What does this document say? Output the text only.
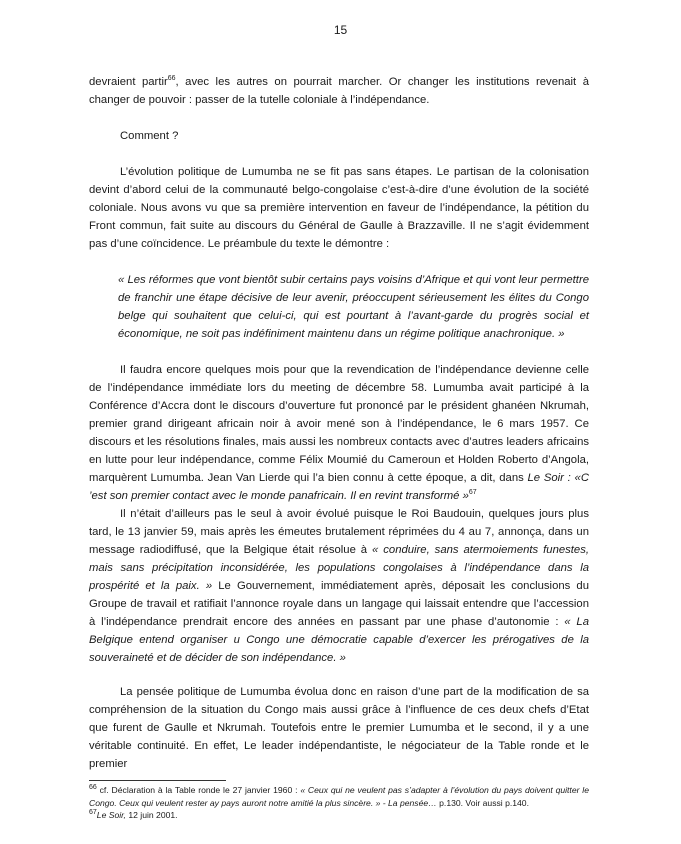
15

devraient partir$^{66}$, avec les autres on pourrait marcher. Or changer les institutions revenait à changer de pouvoir : passer de la tutelle coloniale à l’indépendance.

Comment ?

L’évolution politique de Lumumba ne se fit pas sans étapes. Le partisan de la colonisation devint d’abord celui de la communauté belgo-congolaise c’est-à-dire d’une évolution de la société coloniale. Nous avons vu que sa première intervention en faveur de l’indépendance, la pétition du Front commun, fait suite au discours du Général de Gaulle à Brazzaville. Il ne s’agit évidemment pas d’une coïncidence. Le préambule du texte le démontre :

« Les réformes que vont bientôt subir certains pays voisins d’Afrique et qui vont leur permettre de franchir une étape décisive de leur avenir, préoccupent sérieusement les élites du Congo belge qui souhaitent que celui-ci, qui est pourtant à l’avant-garde du progrès social et économique, ne soit pas indéfiniment maintenu dans un régime politique anachronique. »

Il faudra encore quelques mois pour que la revendication de l’indépendance devienne celle de l’indépendance immédiate lors du meeting de décembre 58. Lumumba avait participé à la Conférence d’Accra dont le discours d’ouverture fut prononcé par le président ghanéen Nkrumah, premier grand dirigeant africain noir à avoir mené son à l’indépendance, le 6 mars 1957. Ce discours et les résolutions finales, mais aussi les nombreux contacts avec d’autres leaders africains en lutte pour leur indépendance, comme Félix Moumié du Cameroun et Holden Roberto d’Angola, marquèrent Lumumba. Jean Van Lierde qui l’a bien connu à cette époque, a dit, dans Le Soir : «C ’est son premier contact avec le monde panafricain. Il en revint transformé »$^{67}$

Il n’était d’ailleurs pas le seul à avoir évolué puisque le Roi Baudouin, quelques jours plus tard, le 13 janvier 59, mais après les émeutes brutalement réprimées du 4 au 7, annonça, dans un message radiodiffusé, que la Belgique était résolue à « conduire, sans atermoiements funestes, mais sans précipitation inconsidérée, les populations congolaises à l’indépendance dans la prospérité et la paix. » Le Gouvernement, immédiatement après, déposait les conclusions du Groupe de travail et ratifiait l’annonce royale dans un langage qui laissait entendre que l’accession à l’indépendance prendrait encore des années en passant par une phase d’autonomie : « La Belgique entend organiser u Congo une démocratie capable d’exercer les prérogatives de la souveraineté et de décider de son indépendance. »

La pensée politique de Lumumba évolua donc en raison d’une part de la modification de sa compréhension de la situation du Congo mais aussi grâce à l’influence de ces deux chefs d’Etat que furent de Gaulle et Nkrumah. Toutefois entre le premier Lumumba et le second, il y a une véritable continuité. En effet, Le leader indépendantiste, le négociateur de la Table ronde et le premier

$^{66}$ cf. Déclaration à la Table ronde le 27 janvier 1960 : « Ceux qui ne veulent pas s’adapter à l’évolution du pays doivent quitter le Congo. Ceux qui veulent rester ay pays auront notre amitié la plus sincère. » - La pensée… p.130. Voir aussi p.140.

$^{67}$Le Soir, 12 juin 2001.
